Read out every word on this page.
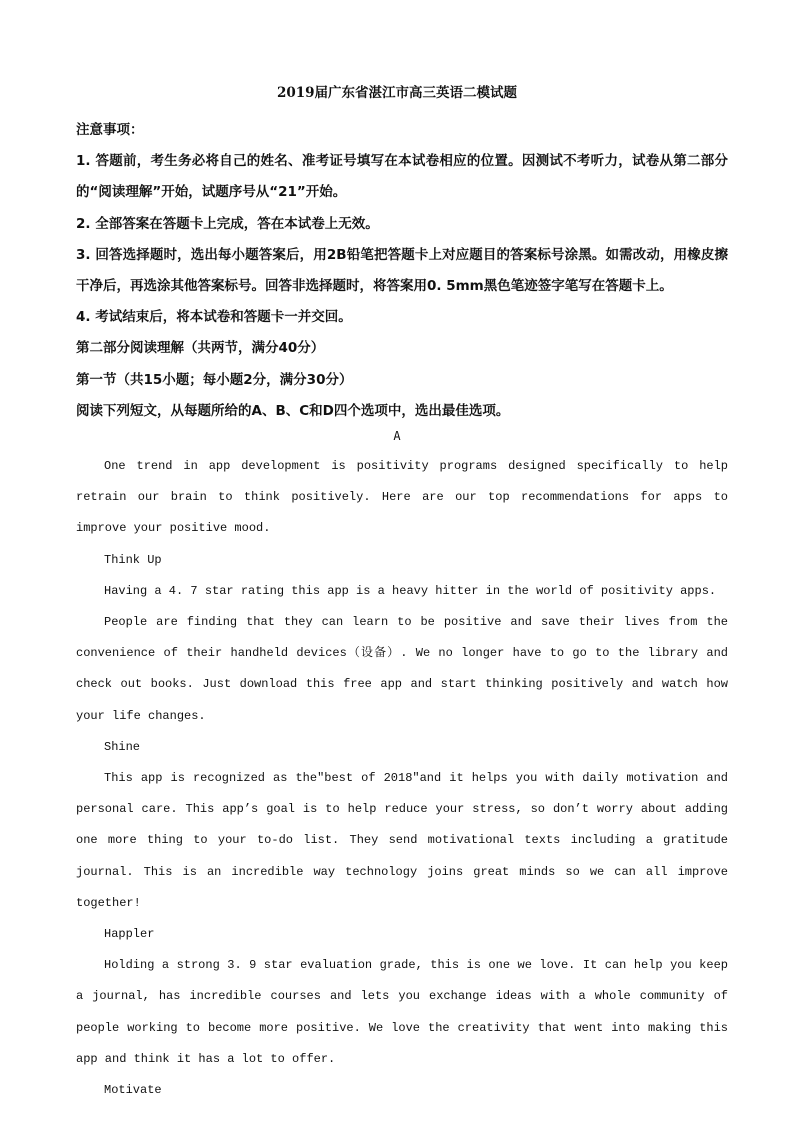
2019届广东省湛江市高三英语二模试题

注意事项：

1. 答题前，考生务必将自己的姓名、准考证号填写在本试卷相应的位置。因测试不考听力，试卷从第二部分的“阅读理解”开始，试题序号从“21”开始。

2. 全部答案在答题卡上完成，答在本试卷上无效。

3. 回答选择题时，选出每小题答案后，用2B铅笔把答题卡上对应题目的答案标号涂黑。如需改动，用橡皮擦干净后，再选涂其他答案标号。回答非选择题时，将答案用0. 5mm黑色笔迹签字笔写在答题卡上。

4. 考试结束后，将本试卷和答题卡一并交回。

第二部分阅读理解（共两节，满分40分）

第一节（共15小题；每小题2分，满分30分）

阅读下列短文，从每题所给的A、B、C和D四个选项中，选出最佳选项。

A

One trend in app development is positivity programs designed specifically to help retrain our brain to think positively. Here are our top recommendations for apps to improve your positive mood.

Think Up

Having a 4. 7 star rating this app is a heavy hitter in the world of positivity apps.

People are finding that they can learn to be positive and save their lives from the convenience of their handheld devices（设备）. We no longer have to go to the library and check out books. Just download this free app and start thinking positively and watch how your life changes.

Shine

This app is recognized as the"best of 2018"and it helps you with daily motivation and personal care. This app’s goal is to help reduce your stress, so don’t worry about adding one more thing to your to-do list. They send motivational texts including a gratitude journal. This is an incredible way technology joins great minds so we can all improve together!

Happler

Holding a strong 3. 9 star evaluation grade, this is one we love. It can help you keep a journal, has incredible courses and lets you exchange ideas with a whole community of people working to become more positive. We love the creativity that went into making this app and think it has a lot to offer.

Motivate
